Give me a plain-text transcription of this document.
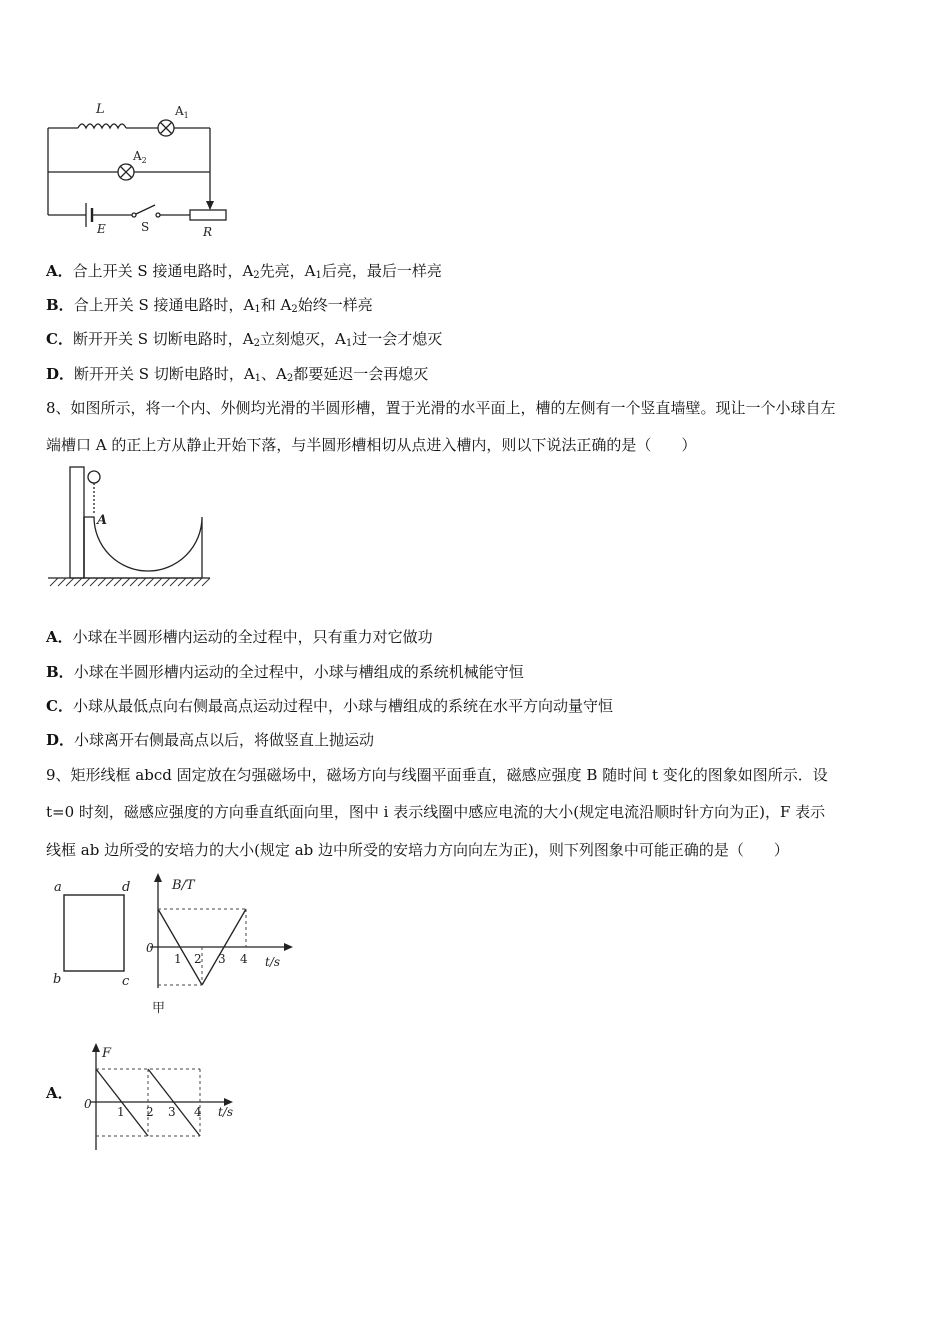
L	$A_1$
$A_2$
E	S	R
A．合上开关 S 接通电路时，$A_2$先亮，$A_1$后亮，最后一样亮
B．合上开关 S 接通电路时，$A_1$和 $A_2$始终一样亮
C．断开开关 S 切断电路时，$A_2$立刻熄灭，$A_1$过一会才熄灭
D．断开开关 S 切断电路时，$A_1$、$A_2$都要延迟一会再熄灭
8、如图所示，将一个内、外侧均光滑的半圆形槽，置于光滑的水平面上，槽的左侧有一个竖直墙壁。现让一个小球自左
端槽口 A 的正上方从静止开始下落，与半圆形槽相切从点进入槽内，则以下说法正确的是（　　）
A
A．小球在半圆形槽内运动的全过程中，只有重力对它做功
B．小球在半圆形槽内运动的全过程中，小球与槽组成的系统机械能守恒
C．小球从最低点向右侧最高点运动过程中，小球与槽组成的系统在水平方向动量守恒
D．小球离开右侧最高点以后，将做竖直上抛运动
9、矩形线框 abcd 固定放在匀强磁场中，磁场方向与线圈平面垂直，磁感应强度 B 随时间 t 变化的图象如图所示．设
t=0 时刻，磁感应强度的方向垂直纸面向里，图中 i 表示线圈中感应电流的大小(规定电流沿顺时针方向为正)，F 表示
线框 ab 边所受的安培力的大小(规定 ab 边中所受的安培力方向向左为正)，则下列图象中可能正确的是（　　）
a	d
b	c
B/T
t/s
0
1 2 3 4
甲
A．
F
t/s
0
1 2 3 4
